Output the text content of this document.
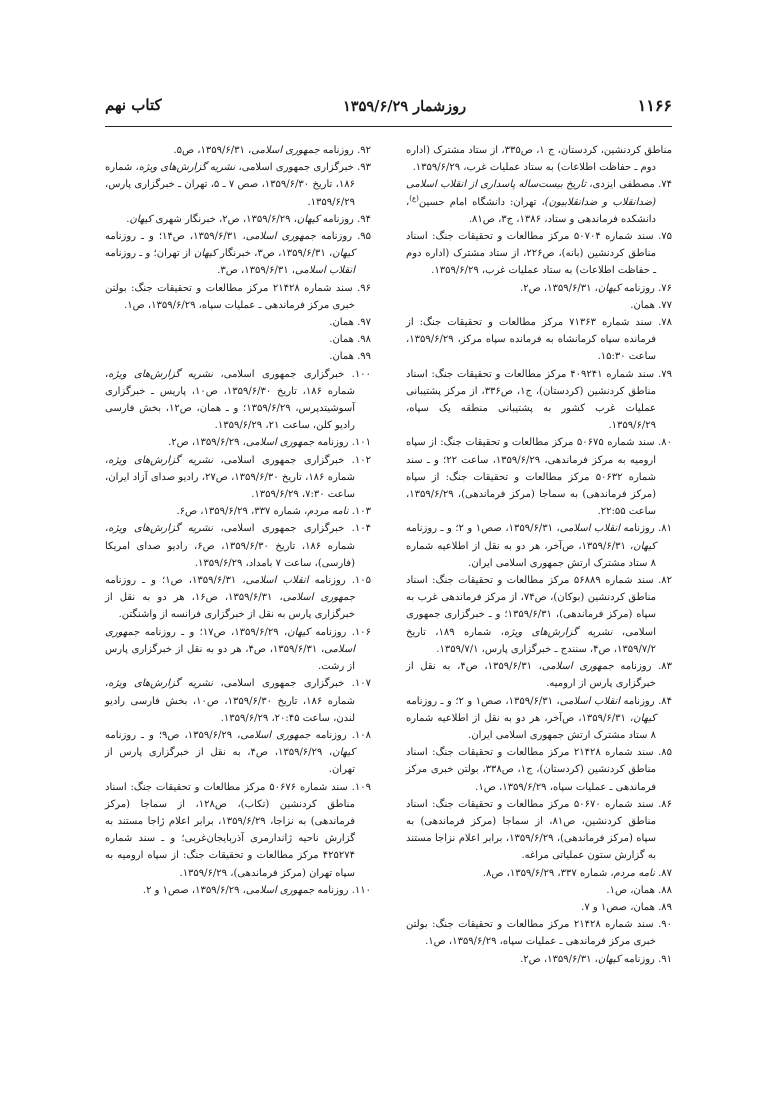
۱۱۶۶
روزشمار ۱۳۵۹/۶/۲۹
کتاب نهم

مناطق کردنشین، کردستان، ج ۱، ص۳۳۵، از ستاد مشترک (اداره دوم ـ حفاظت اطلاعات) به ستاد عملیات غرب، ۱۳۵۹/۶/۲۹.

۷۴. مصطفی ایزدی، تاریخ بیست‌ساله پاسداری از انقلاب اسلامی (ضدانقلاب و ضدانقلابیون)، تهران: دانشگاه امام حسین$^{(ع)}$، دانشکده فرماندهی و ستاد، ۱۳۸۶، ج۳، ص۸۱.

۷۵. سند شماره ۵۰۷۰۴ مرکز مطالعات و تحقیقات جنگ: اسناد مناطق کردنشین (بانه)، ص۲۲۶، از ستاد مشترک (اداره دوم ـ حفاظت اطلاعات) به ستاد عملیات غرب، ۱۳۵۹/۶/۲۹.

۷۶. روزنامه کیهان، ۱۳۵۹/۶/۳۱، ص۲.

۷۷. همان.

۷۸. سند شماره ۷۱۳۶۳ مرکز مطالعات و تحقیقات جنگ: از فرمانده سپاه کرمانشاه به فرمانده سپاه مرکز، ۱۳۵۹/۶/۲۹، ساعت ۱۵:۳۰.

۷۹. سند شماره ۴۰۹۲۴۱ مرکز مطالعات و تحقیقات جنگ: اسناد مناطق کردنشین (کردستان)، ج۱، ص۳۳۶، از مرکز پشتیبانی عملیات غرب کشور به پشتیبانی منطقه یک سپاه، ۱۳۵۹/۶/۲۹.

۸۰. سند شماره ۵۰۶۷۵ مرکز مطالعات و تحقیقات جنگ: از سپاه ارومیه به مرکز فرماندهی، ۱۳۵۹/۶/۲۹، ساعت ۲۲؛ و ـ سند شماره ۵۰۶۳۲ مرکز مطالعات و تحقیقات جنگ: از سپاه (مرکز فرماندهی) به سماجا (مرکز فرماندهی)، ۱۳۵۹/۶/۲۹، ساعت ۲۲:۵۵.

۸۱. روزنامه انقلاب اسلامی، ۱۳۵۹/۶/۳۱، صص۱ و ۲؛ و ـ روزنامه کیهان، ۱۳۵۹/۶/۳۱، ص‌آخر، هر دو به نقل از اطلاعیه شماره ۸ ستاد مشترک ارتش جمهوری اسلامی ایران.

۸۲. سند شماره ۵۶۸۸۹ مرکز مطالعات و تحقیقات جنگ: اسناد مناطق کردنشین (بوکان)، ص۷۴، از مرکز فرماندهی غرب به سپاه (مرکز فرماندهی)، ۱۳۵۹/۶/۳۱؛ و ـ خبرگزاری جمهوری اسلامی، نشریه گزارش‌های ویژه، شماره ۱۸۹، تاریخ ۱۳۵۹/۷/۲، ص۴، سنندج ـ خبرگزاری پارس، ۱۳۵۹/۷/۱.

۸۳. روزنامه جمهوری اسلامی، ۱۳۵۹/۶/۳۱، ص۴، به نقل از خبرگزاری پارس از ارومیه.

۸۴. روزنامه انقلاب اسلامی، ۱۳۵۹/۶/۳۱، صص۱ و ۲؛ و ـ روزنامه کیهان، ۱۳۵۹/۶/۳۱، ص‌آخر، هر دو به نقل از اطلاعیه شماره ۸ ستاد مشترک ارتش جمهوری اسلامی ایران.

۸۵. سند شماره ۲۱۴۲۸ مرکز مطالعات و تحقیقات جنگ: اسناد مناطق کردنشین (کردستان)، ج۱، ص۳۳۸، بولتن خبری مرکز فرماندهی ـ عملیات سپاه، ۱۳۵۹/۶/۲۹، ص۱.

۸۶. سند شماره ۵۰۶۷۰ مرکز مطالعات و تحقیقات جنگ: اسناد مناطق کردنشین، ص۸۱، از سماجا (مرکز فرماندهی) به سپاه (مرکز فرماندهی)، ۱۳۵۹/۶/۲۹، برابر اعلام نزاجا مستند به گزارش ستون عملیاتی مراغه.

۸۷. نامه مردم، شماره ۳۳۷، ۱۳۵۹/۶/۲۹، ص۸.

۸۸. همان، ص۱.

۸۹. همان، صص۱ و ۷.

۹۰. سند شماره ۲۱۴۲۸ مرکز مطالعات و تحقیقات جنگ: بولتن خبری مرکز فرماندهی ـ عملیات سپاه، ۱۳۵۹/۶/۲۹، ص۱.

۹۱. روزنامه کیهان، ۱۳۵۹/۶/۳۱، ص۲.

۹۲. روزنامه جمهوری اسلامی، ۱۳۵۹/۶/۳۱، ص۵.

۹۳. خبرگزاری جمهوری اسلامی، نشریه گزارش‌های ویژه، شماره ۱۸۶، تاریخ ۱۳۵۹/۶/۳۰، صص ۷ ـ ۵، تهران ـ خبرگزاری پارس، ۱۳۵۹/۶/۲۹.

۹۴. روزنامه کیهان، ۱۳۵۹/۶/۲۹، ص۲، خبرنگار شهری کیهان.

۹۵. روزنامه جمهوری اسلامی، ۱۳۵۹/۶/۳۱، ص۱۴؛ و ـ روزنامه کیهان، ۱۳۵۹/۶/۳۱، ص۳، خبرنگار کیهان از تهران؛ و ـ روزنامه انقلاب اسلامی، ۱۳۵۹/۶/۳۱، ص۳.

۹۶. سند شماره ۲۱۴۲۸ مرکز مطالعات و تحقیقات جنگ: بولتن خبری مرکز فرماندهی ـ عملیات سپاه، ۱۳۵۹/۶/۲۹، ص۱.

۹۷. همان.

۹۸. همان.

۹۹. همان.

۱۰۰. خبرگزاری جمهوری اسلامی، نشریه گزارش‌های ویژه، شماره ۱۸۶، تاریخ ۱۳۵۹/۶/۳۰، ص۱۰، پاریس ـ خبرگزاری آسوشیتدپرس، ۱۳۵۹/۶/۲۹؛ و ـ همان، ص۱۲، بخش فارسی رادیو کلن، ساعت ۲۱، ۱۳۵۹/۶/۲۹.

۱۰۱. روزنامه جمهوری اسلامی، ۱۳۵۹/۶/۲۹، ص۲.

۱۰۲. خبرگزاری جمهوری اسلامی، نشریه گزارش‌های ویژه، شماره ۱۸۶، تاریخ ۱۳۵۹/۶/۳۰، ص۲۷، رادیو صدای آزاد ایران، ساعت ۷:۳۰، ۱۳۵۹/۶/۲۹.

۱۰۳. نامه مردم، شماره ۳۳۷، ۱۳۵۹/۶/۲۹، ص۶.

۱۰۴. خبرگزاری جمهوری اسلامی، نشریه گزارش‌های ویژه، شماره ۱۸۶، تاریخ ۱۳۵۹/۶/۳۰، ص۶، رادیو صدای امریکا (فارسی)، ساعت ۷ بامداد، ۱۳۵۹/۶/۲۹.

۱۰۵. روزنامه انقلاب اسلامی، ۱۳۵۹/۶/۳۱، ص۱؛ و ـ روزنامه جمهوری اسلامی، ۱۳۵۹/۶/۳۱، ص۱۶، هر دو به نقل از خبرگزاری پارس به نقل از خبرگزاری فرانسه از واشنگتن.

۱۰۶. روزنامه کیهان، ۱۳۵۹/۶/۲۹، ص۱۷؛ و ـ روزنامه جمهوری اسلامی، ۱۳۵۹/۶/۳۱، ص۴، هر دو به نقل از خبرگزاری پارس از رشت.

۱۰۷. خبرگزاری جمهوری اسلامی، نشریه گزارش‌های ویژه، شماره ۱۸۶، تاریخ ۱۳۵۹/۶/۳۰، ص۱۰، بخش فارسی رادیو لندن، ساعت ۲۰:۴۵، ۱۳۵۹/۶/۲۹.

۱۰۸. روزنامه جمهوری اسلامی، ۱۳۵۹/۶/۲۹، ص۹؛ و ـ روزنامه کیهان، ۱۳۵۹/۶/۲۹، ص۴، به نقل از خبرگزاری پارس از تهران.

۱۰۹. سند شماره ۵۰۶۷۶ مرکز مطالعات و تحقیقات جنگ: اسناد مناطق کردنشین (تکاب)، ص۱۲۸، از سماجا (مرکز فرماندهی) به نزاجا، ۱۳۵۹/۶/۲۹، برابر اعلام ژاجا مستند به گزارش ناحیه ژاندارمری آذربایجان‌غربی؛ و ـ سند شماره ۴۲۵۲۷۴ مرکز مطالعات و تحقیقات جنگ: از سپاه ارومیه به سپاه تهران (مرکز فرماندهی)، ۱۳۵۹/۶/۲۹.

۱۱۰. روزنامه جمهوری اسلامی، ۱۳۵۹/۶/۲۹، صص۱ و ۲.
